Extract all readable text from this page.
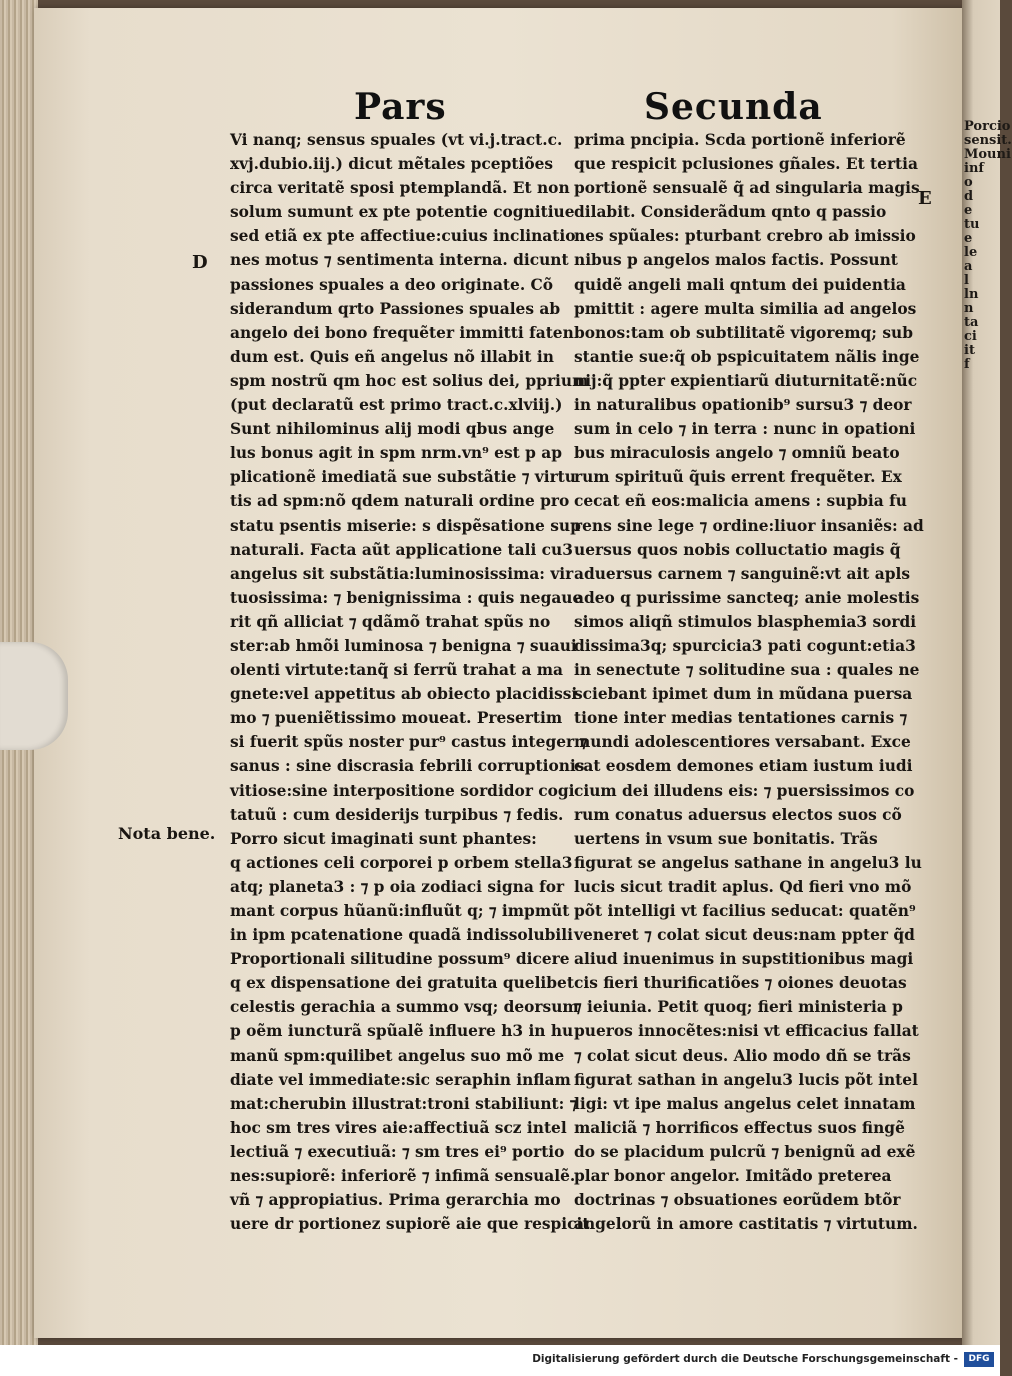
Pars	Secunda
Vi nanq; sensus spuales (vt vi.j.tract.c.
xvj.dubio.iij.) dicut mẽtales pceptiões
circa veritatẽ sposi ptemplandã. Et non
solum sumunt ex pte potentie cognitiue
sed etiã ex pte affectiue:cuius inclinatio
nes motus ⁊ sentimenta interna. dicunt
passiones spuales a deo originate. Cõ
siderandum qrto Passiones spuales ab
angelo dei bono frequẽter immitti faten
dum est. Quis eñ angelus nõ illabit in
spm nostrũ qm hoc est solius dei, pprium
(put declaratũ est primo tract.c.xlviij.)
Sunt nihilominus alij modi qbus ange
lus bonus agit in spm nrm.vn⁹ est p ap
plicationẽ imediatã sue substãtie ⁊ virtu
tis ad spm:nõ qdem naturali ordine pro
statu psentis miserie: s dispẽsatione sup
naturali. Facta aũt applicatione tali cu3
angelus sit substãtia:luminosissima: vir
tuosissima: ⁊ benignissima : quis negaue
rit qñ alliciat ⁊ qdãmõ trahat spũs no
ster:ab hmõi luminosa ⁊ benigna ⁊ suaui
olenti virtute:tanq̃ si ferrũ trahat a ma
gnete:vel appetitus ab obiecto placidissi
mo ⁊ pueniẽtissimo moueat. Presertim
si fuerit spũs noster pur⁹ castus integer ⁊
sanus : sine discrasia febrili corruptionis
vitiose:sine interpositione sordidor cogi
tatuũ : cum desiderijs turpibus ⁊ fedis.
Porro sicut imaginati sunt phantes:
q actiones celi corporei p orbem stella3
atq; planeta3 : ⁊ p oia zodiaci signa for
mant corpus hũanũ:influũt q; ⁊ impmũt
in ipm pcatenatione quadã indissolubili
Proportionali silitudine possum⁹ dicere
q ex dispensatione dei gratuita quelibet
celestis gerachia a summo vsq; deorsum
p oẽm iuncturã spũalẽ influere h3 in hu
manũ spm:quilibet angelus suo mõ me
diate vel immediate:sic seraphin inflam
mat:cherubin illustrat:troni stabiliunt: ⁊
hoc sm tres vires aie:affectiuã scz intel
lectiuã ⁊ executiuã: ⁊ sm tres ei⁹ portio
nes:supiorẽ: inferiorẽ ⁊ infimã sensualẽ.
vñ ⁊ appropiatius. Prima gerarchia mo
uere dr portionez supiorẽ aie que respicit
prima pncipia. Scda portionẽ inferiorẽ
que respicit pclusiones gñales. Et tertia
portionẽ sensualẽ q̃ ad singularia magis
dilabit. Considerãdum qnto q passio
nes spũales: pturbant crebro ab imissio
nibus p angelos malos factis. Possunt
quidẽ angeli mali qntum dei puidentia
pmittit : agere multa similia ad angelos
bonos:tam ob subtilitatẽ vigoremq; sub
stantie sue:q̃ ob pspicuitatem nãlis inge
nij:q̃ ppter expientiarũ diuturnitatẽ:nũc
in naturalibus opationib⁹ sursu3 ⁊ deor
sum in celo ⁊ in terra : nunc in opationi
bus miraculosis angelo ⁊ omniũ beato
rum spirituũ q̃uis errent frequẽter. Ex
cecat eñ eos:malicia amens : supbia fu
rens sine lege ⁊ ordine:liuor insaniẽs: ad
uersus quos nobis colluctatio magis q̃
aduersus carnem ⁊ sanguinẽ:vt ait apls
adeo q purissime sancteq; anie molestis
simos aliqñ stimulos blasphemia3 sordi
dissima3q; spurcicia3 pati cogunt:etia3
in senectute ⁊ solitudine sua : quales ne
sciebant ipimet dum in mũdana puersa
tione inter medias tentationes carnis ⁊
mundi adolescentiores versabant. Exce
cat eosdem demones etiam iustum iudi
cium dei illudens eis: ⁊ puersissimos co
rum conatus aduersus electos suos cõ
uertens in vsum sue bonitatis. Trãs
figurat se angelus sathane in angelu3 lu
lucis sicut tradit aplus. Qd fieri vno mõ
põt intelligi vt facilius seducat: quatẽn⁹
veneret ⁊ colat sicut deus:nam ppter q̃d
aliud inuenimus in supstitionibus magi
cis fieri thurificatiões ⁊ oiones deuotas
⁊ ieiunia. Petit quoq; fieri ministeria p
pueros innocẽtes:nisi vt efficacius fallat
⁊ colat sicut deus. Alio modo dñ se trãs
figurat sathan in angelu3 lucis põt intel
ligi: vt ipe malus angelus celet innatam
maliciã ⁊ horrificos effectus suos fingẽ
do se placidum pulcrũ ⁊ benignũ ad exẽ
plar bonor angelor. Imitãdo preterea
doctrinas ⁊ obsuationes eorũdem btõr
angelorũ in amore castitatis ⁊ virtutum.
D
Nota bene.
E
Porcio
sensit.
Mouni
inf
o
d
e
tu
e
le
a
l
ln
n
ta
ci
it
f
Digitalisierung gefördert durch die Deutsche Forschungsgemeinschaft -	DFG
